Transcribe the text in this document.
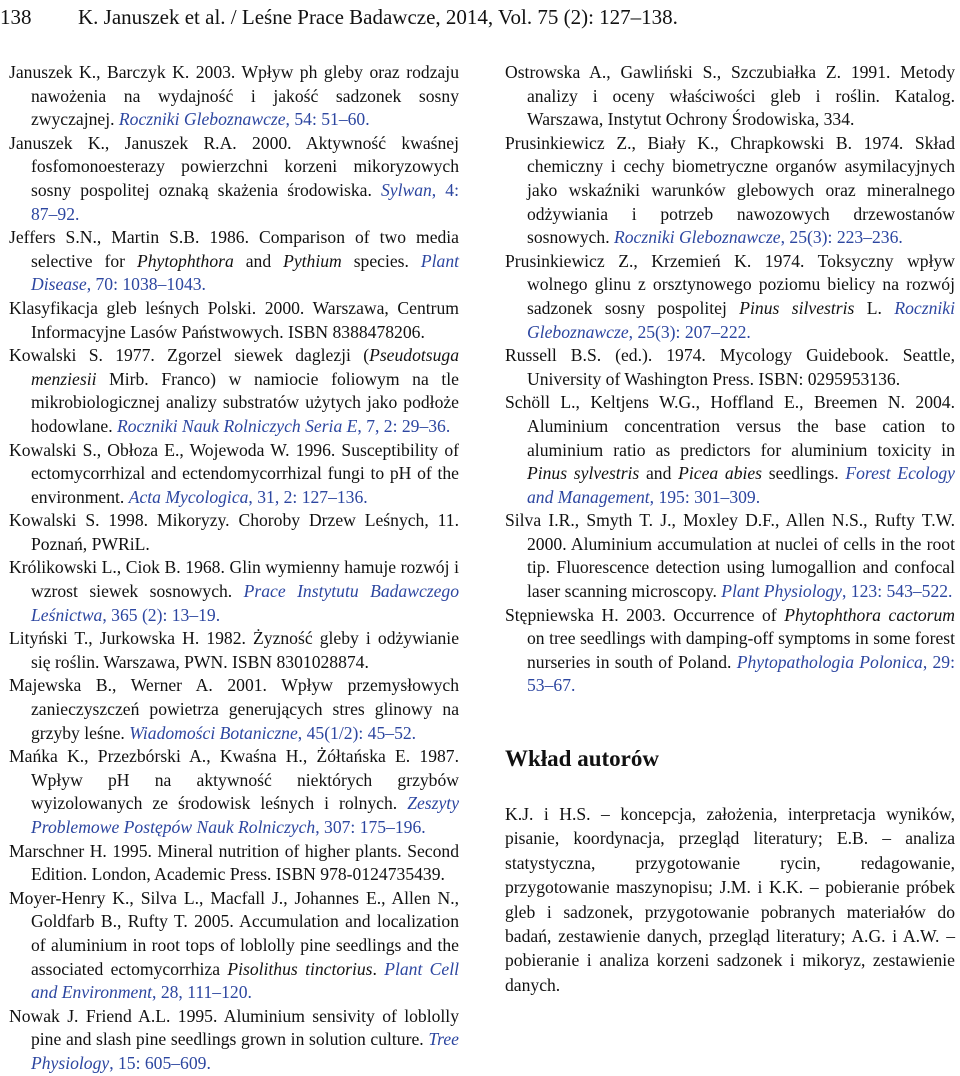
138 K. Januszek et al. / Leśne Prace Badawcze, 2014, Vol. 75 (2): 127–138.

Januszek K., Barczyk K. 2003. Wpływ ph gleby oraz rodzaju nawożenia na wydajność i jakość sadzonek sosny zwyczajnej. Roczniki Gleboznawcze, 54: 51–60.

Januszek K., Januszek R.A. 2000. Aktywność kwaśnej fosfomonoesterazy powierzchni korzeni mikoryzowych sosny pospolitej oznaką skażenia środowiska. Sylwan, 4: 87–92.

Jeffers S.N., Martin S.B. 1986. Comparison of two media selective for Phytophthora and Pythium species. Plant Disease, 70: 1038–1043.

Klasyfikacja gleb leśnych Polski. 2000. Warszawa, Centrum Informacyjne Lasów Państwowych. ISBN 8388478206.

Kowalski S. 1977. Zgorzel siewek daglezji (Pseudotsuga menziesii Mirb. Franco) w namiocie foliowym na tle mikrobiologicznej analizy substratów użytych jako podłoże hodowlane. Roczniki Nauk Rolniczych Seria E, 7, 2: 29–36.

Kowalski S., Obłoza E., Wojewoda W. 1996. Susceptibility of ectomycorrhizal and ectendomycorrhizal fungi to pH of the environment. Acta Mycologica, 31, 2: 127–136.

Kowalski S. 1998. Mikoryzy. Choroby Drzew Leśnych, 11. Poznań, PWRiL.

Królikowski L., Ciok B. 1968. Glin wymienny hamuje rozwój i wzrost siewek sosnowych. Prace Instytutu Badawczego Leśnictwa, 365 (2): 13–19.

Lityński T., Jurkowska H. 1982. Żyzność gleby i odżywianie się roślin. Warszawa, PWN. ISBN 8301028874.

Majewska B., Werner A. 2001. Wpływ przemysłowych zanieczyszczeń powietrza generujących stres glinowy na grzyby leśne. Wiadomości Botaniczne, 45(1/2): 45–52.

Mańka K., Przezbórski A., Kwaśna H., Żółtańska E. 1987. Wpływ pH na aktywność niektórych grzybów wyizolowanych ze środowisk leśnych i rolnych. Zeszyty Problemowe Postępów Nauk Rolniczych, 307: 175–196.

Marschner H. 1995. Mineral nutrition of higher plants. Second Edition. London, Academic Press. ISBN 978-0124735439.

Moyer-Henry K., Silva L., Macfall J., Johannes E., Allen N., Goldfarb B., Rufty T. 2005. Accumulation and localization of aluminium in root tops of loblolly pine seedlings and the associated ectomycorrhiza Pisolithus tinctorius. Plant Cell and Environment, 28, 111–120.

Nowak J. Friend A.L. 1995. Aluminium sensivity of loblolly pine and slash pine seedlings grown in solution culture. Tree Physiology, 15: 605–609.

Ostrowska A., Gawliński S., Szczubiałka Z. 1991. Metody analizy i oceny właściwości gleb i roślin. Katalog. Warszawa, Instytut Ochrony Środowiska, 334.

Prusinkiewicz Z., Biały K., Chrapkowski B. 1974. Skład chemiczny i cechy biometryczne organów asymilacyjnych jako wskaźniki warunków glebowych oraz mineralnego odżywiania i potrzeb nawozowych drzewostanów sosnowych. Roczniki Gleboznawcze, 25(3): 223–236.

Prusinkiewicz Z., Krzemień K. 1974. Toksyczny wpływ wolnego glinu z orsztynowego poziomu bielicy na rozwój sadzonek sosny pospolitej Pinus silvestris L. Roczniki Gleboznawcze, 25(3): 207–222.

Russell B.S. (ed.). 1974. Mycology Guidebook. Seattle, University of Washington Press. ISBN: 0295953136.

Schöll L., Keltjens W.G., Hoffland E., Breemen N. 2004. Aluminium concentration versus the base cation to aluminium ratio as predictors for aluminium toxicity in Pinus sylvestris and Picea abies seedlings. Forest Ecology and Management, 195: 301–309.

Silva I.R., Smyth T. J., Moxley D.F., Allen N.S., Rufty T.W. 2000. Aluminium accumulation at nuclei of cells in the root tip. Fluorescence detection using lumogallion and confocal laser scanning microscopy. Plant Physiology, 123: 543–522.

Stępniewska H. 2003. Occurrence of Phytophthora cactorum on tree seedlings with damping-off symptoms in some forest nurseries in south of Poland. Phytopathologia Polonica, 29: 53–67.

Wkład autorów

K.J. i H.S. – koncepcja, założenia, interpretacja wyników, pisanie, koordynacja, przegląd literatury; E.B. – analiza statystyczna, przygotowanie rycin, redagowanie, przygotowanie maszynopisu; J.M. i K.K. – pobieranie próbek gleb i sadzonek, przygotowanie pobranych materiałów do badań, zestawienie danych, przegląd literatury; A.G. i A.W. – pobieranie i analiza korzeni sadzonek i mikoryz, zestawienie danych.
